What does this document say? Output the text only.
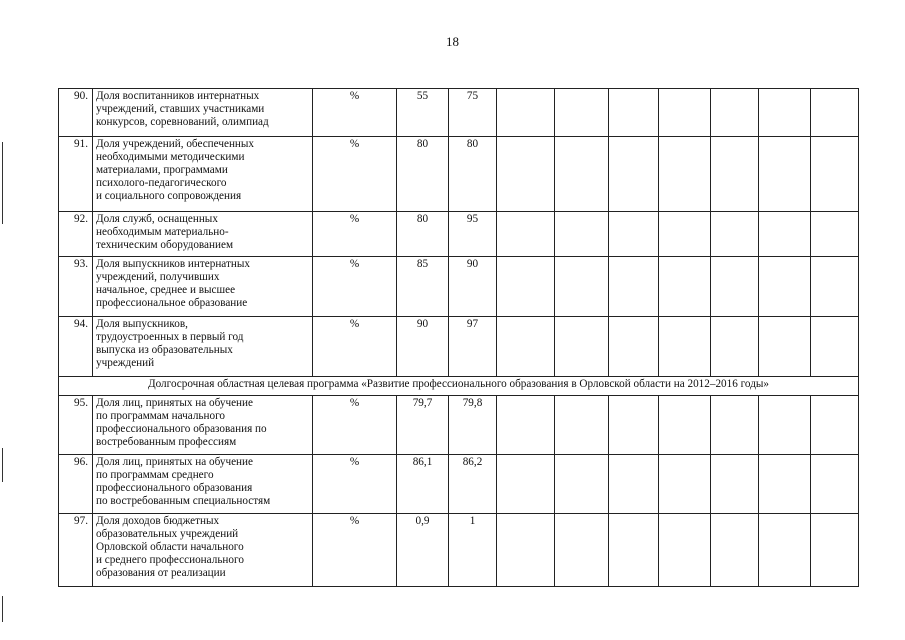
18
90.	Доля воспитанников интернатных
учреждений, ставших участниками
конкурсов, соревнований, олимпиад	%	55	75							
91.	Доля учреждений, обеспеченных
необходимыми методическими
материалами, программами
психолого-педагогического
и социального сопровождения	%	80	80							
92.	Доля служб, оснащенных
необходимым материально-
техническим оборудованием	%	80	95							
93.	Доля выпускников интернатных
учреждений, получивших
начальное, среднее и высшее
профессиональное образование	%	85	90							
94.	Доля выпускников,
трудоустроенных в первый год
выпуска из образовательных
учреждений	%	90	97							
Долгосрочная областная целевая программа «Развитие профессионального образования в Орловской области на 2012–2016 годы»											
95.	Доля лиц, принятых на обучение
по программам начального
профессионального образования по
востребованным профессиям	%	79,7	79,8							
96.	Доля лиц, принятых на обучение
по программам среднего
профессионального образования
по востребованным специальностям	%	86,1	86,2							
97.	Доля доходов бюджетных
образовательных учреждений
Орловской области начального
и среднего профессионального
образования от реализации	%	0,9	1							
